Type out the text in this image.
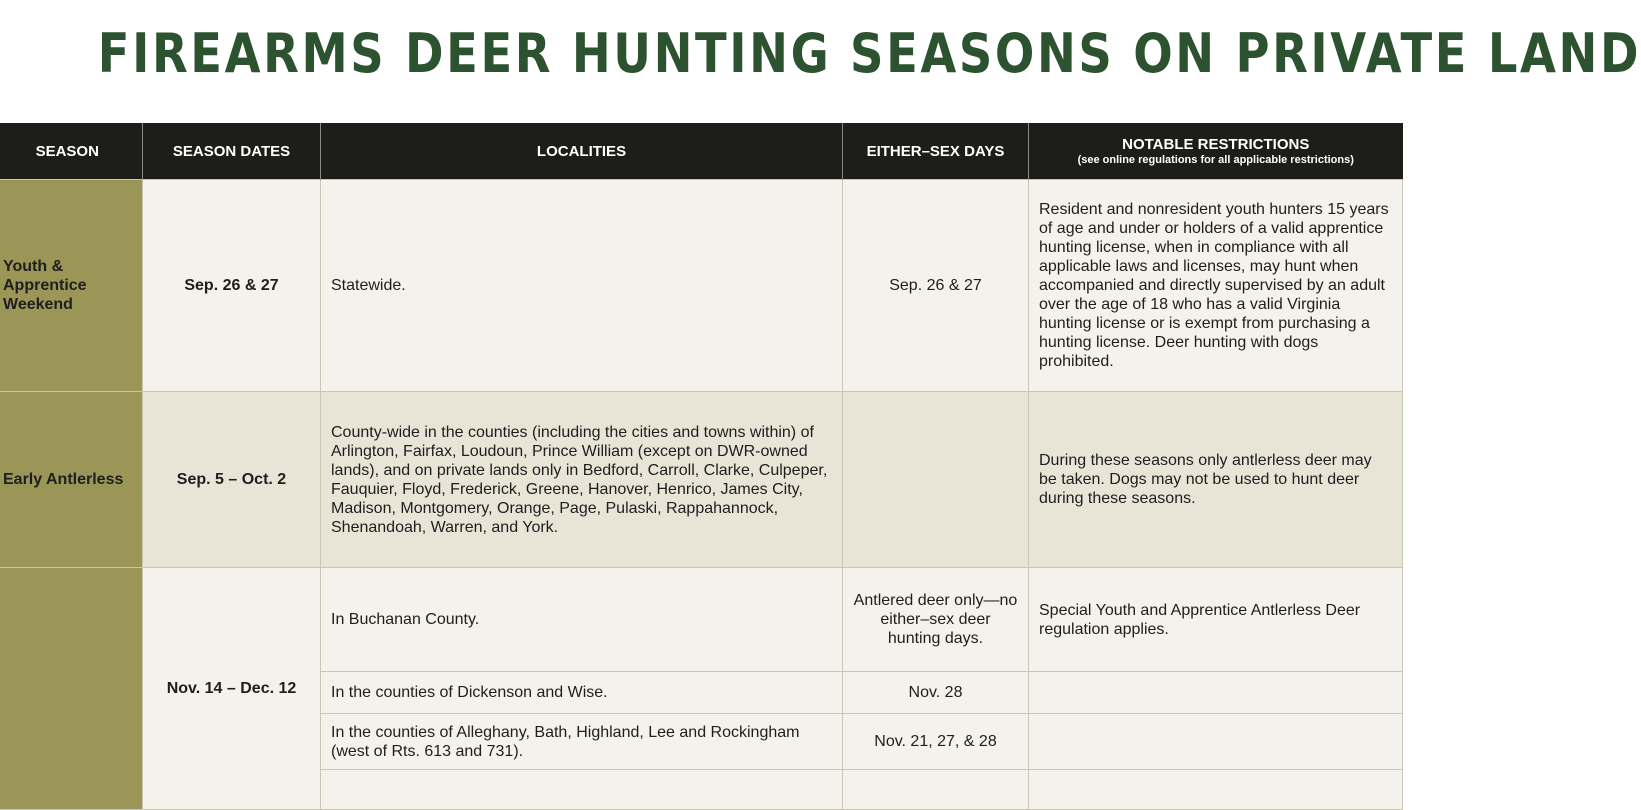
FIREARMS DEER HUNTING SEASONS ON PRIVATE LAND
SEASON	SEASON DATES	LOCALITIES	EITHER–SEX DAYS	NOTABLE RESTRICTIONS
(see online regulations for all applicable restrictions)

Youth & Apprentice Weekend	Sep. 26 & 27	Statewide.	Sep. 26 & 27	Resident and nonresident youth hunters 15 years of age and under or holders of a valid apprentice hunting license, when in compliance with all applicable laws and licenses, may hunt when accompanied and directly supervised by an adult over the age of 18 who has a valid Virginia hunting license or is exempt from purchasing a hunting license. Deer hunting with dogs prohibited.
Early Antlerless	Sep. 5 – Oct. 2	County-wide in the counties (including the cities and towns within) of Arlington, Fairfax, Loudoun, Prince William (except on DWR-owned lands), and on private lands only in Bedford, Carroll, Clarke, Culpeper, Fauquier, Floyd, Frederick, Greene, Hanover, Henrico, James City, Madison, Montgomery, Orange, Page, Pulaski, Rappahannock, Shenandoah, Warren, and York.		During these seasons only antlerless deer may be taken. Dogs may not be used to hunt deer during these seasons.
	Nov. 14 – Dec. 12	In Buchanan County.	Antlered deer only—no either–sex deer hunting days.	Special Youth and Apprentice Antlerless Deer regulation applies.
		In the counties of Dickenson and Wise.	Nov. 28	
		In the counties of Alleghany, Bath, Highland, Lee and Rockingham (west of Rts. 613 and 731).	Nov. 21, 27, & 28	
